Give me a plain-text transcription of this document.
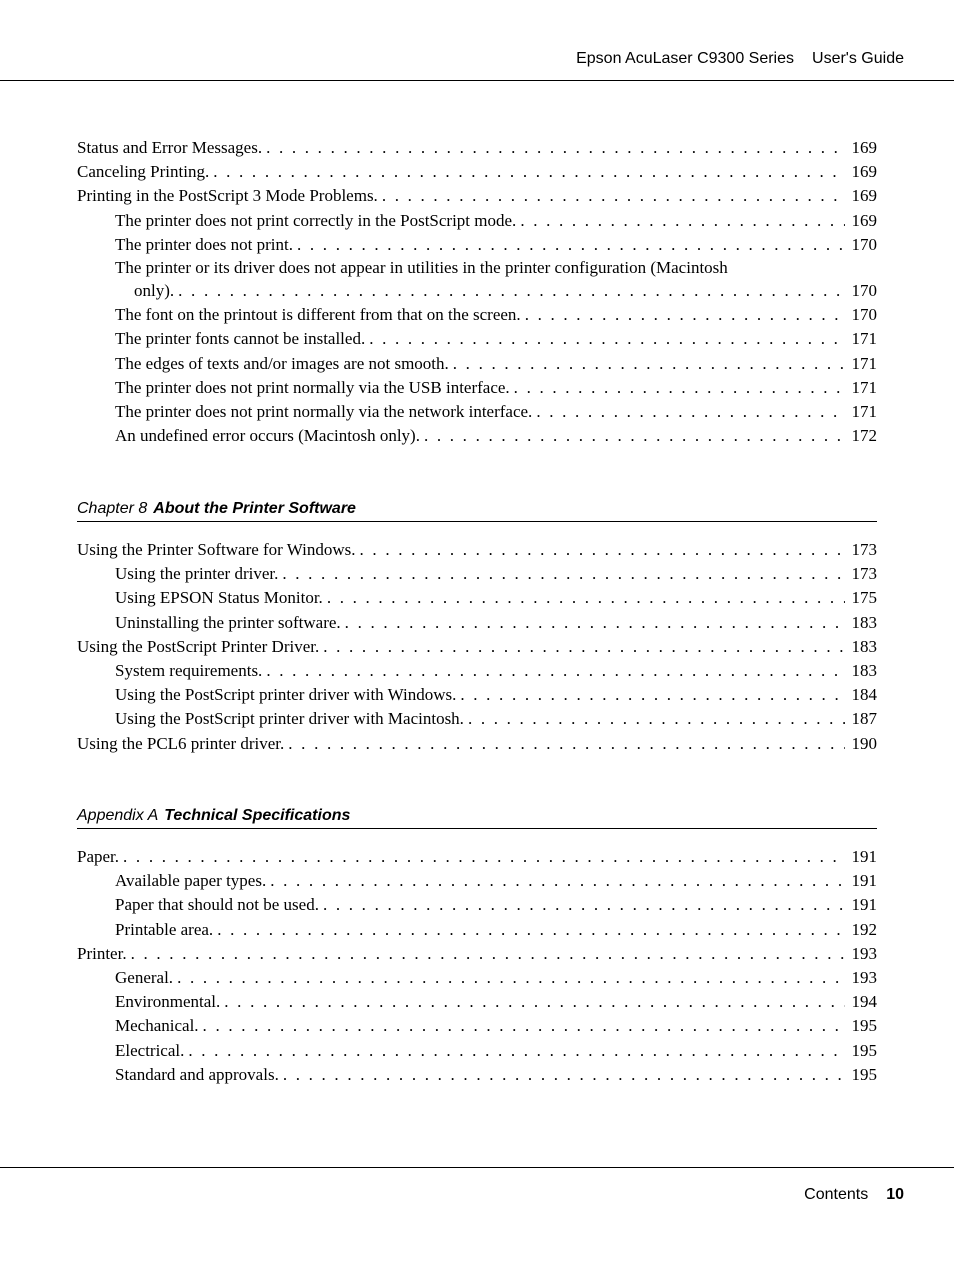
Epson AcuLaser C9300 Series User's Guide
Status and Error Messages. . . .	169
Canceling Printing. . . .	169
Printing in the PostScript 3 Mode Problems. . . .	169
The printer does not print correctly in the PostScript mode. . . .	169
The printer does not print. . . .	170
The printer or its driver does not appear in utilities in the printer configuration (Macintosh
only). . . .	170
The font on the printout is different from that on the screen. . . .	170
The printer fonts cannot be installed. . . .	171
The edges of texts and/or images are not smooth. . . .	171
The printer does not print normally via the USB interface. . . .	171
The printer does not print normally via the network interface. . . .	171
An undefined error occurs (Macintosh only). . . .	172
Chapter 8 About the Printer Software
Using the Printer Software for Windows. . . .	173
Using the printer driver. . . .	173
Using EPSON Status Monitor. . . .	175
Uninstalling the printer software. . . .	183
Using the PostScript Printer Driver. . . .	183
System requirements. . . .	183
Using the PostScript printer driver with Windows. . . .	184
Using the PostScript printer driver with Macintosh. . . .	187
Using the PCL6 printer driver. . . .	190
Appendix A Technical Specifications
Paper. . . .	191
Available paper types. . . .	191
Paper that should not be used. . . .	191
Printable area. . . .	192
Printer. . . .	193
General. . . .	193
Environmental. . . .	194
Mechanical. . . .	195
Electrical. . . .	195
Standard and approvals. . . .	195
Contents 10
